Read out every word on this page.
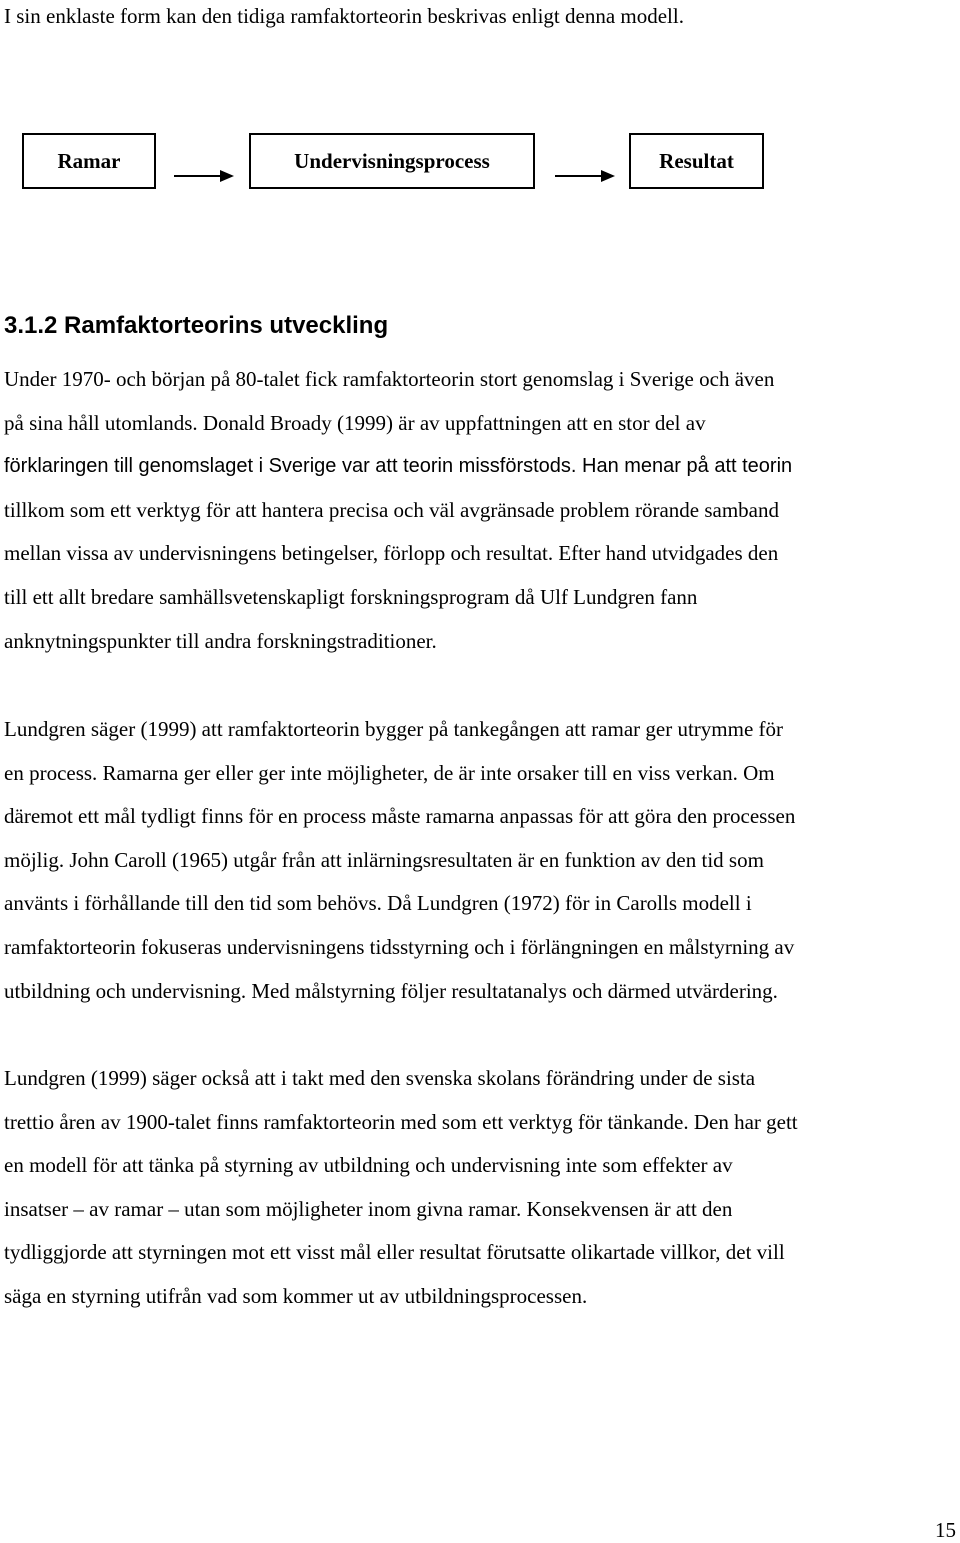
I sin enklaste form kan den tidiga ramfaktorteorin beskrivas enligt denna modell.

Ramar	Undervisningsprocess	Resultat
3.1.2 Ramfaktorteorins utveckling

Under 1970- och början på 80-talet fick ramfaktorteorin stort genomslag i Sverige och även
på sina håll utomlands. Donald Broady (1999) är av uppfattningen att en stor del av
förklaringen till genomslaget i Sverige var att teorin missförstods. Han menar på att teorin
tillkom som ett verktyg för att hantera precisa och väl avgränsade problem rörande samband
mellan vissa av undervisningens betingelser, förlopp och resultat. Efter hand utvidgades den
till ett allt bredare samhällsvetenskapligt forskningsprogram då Ulf Lundgren fann
anknytningspunkter till andra forskningstraditioner.

Lundgren säger (1999) att ramfaktorteorin bygger på tankegången att ramar ger utrymme för
en process. Ramarna ger eller ger inte möjligheter, de är inte orsaker till en viss verkan. Om
däremot ett mål tydligt finns för en process måste ramarna anpassas för att göra den processen
möjlig. John Caroll (1965) utgår från att inlärningsresultaten är en funktion av den tid som
använts i förhållande till den tid som behövs. Då Lundgren (1972) för in Carolls modell i
ramfaktorteorin fokuseras undervisningens tidsstyrning och i förlängningen en målstyrning av
utbildning och undervisning. Med målstyrning följer resultatanalys och därmed utvärdering.

Lundgren (1999) säger också att i takt med den svenska skolans förändring under de sista
trettio åren av 1900-talet finns ramfaktorteorin med som ett verktyg för tänkande. Den har gett
en modell för att tänka på styrning av utbildning och undervisning inte som effekter av
insatser – av ramar – utan som möjligheter inom givna ramar. Konsekvensen är att den
tydliggjorde att styrningen mot ett visst mål eller resultat förutsatte olikartade villkor, det vill
säga en styrning utifrån vad som kommer ut av utbildningsprocessen.

15
